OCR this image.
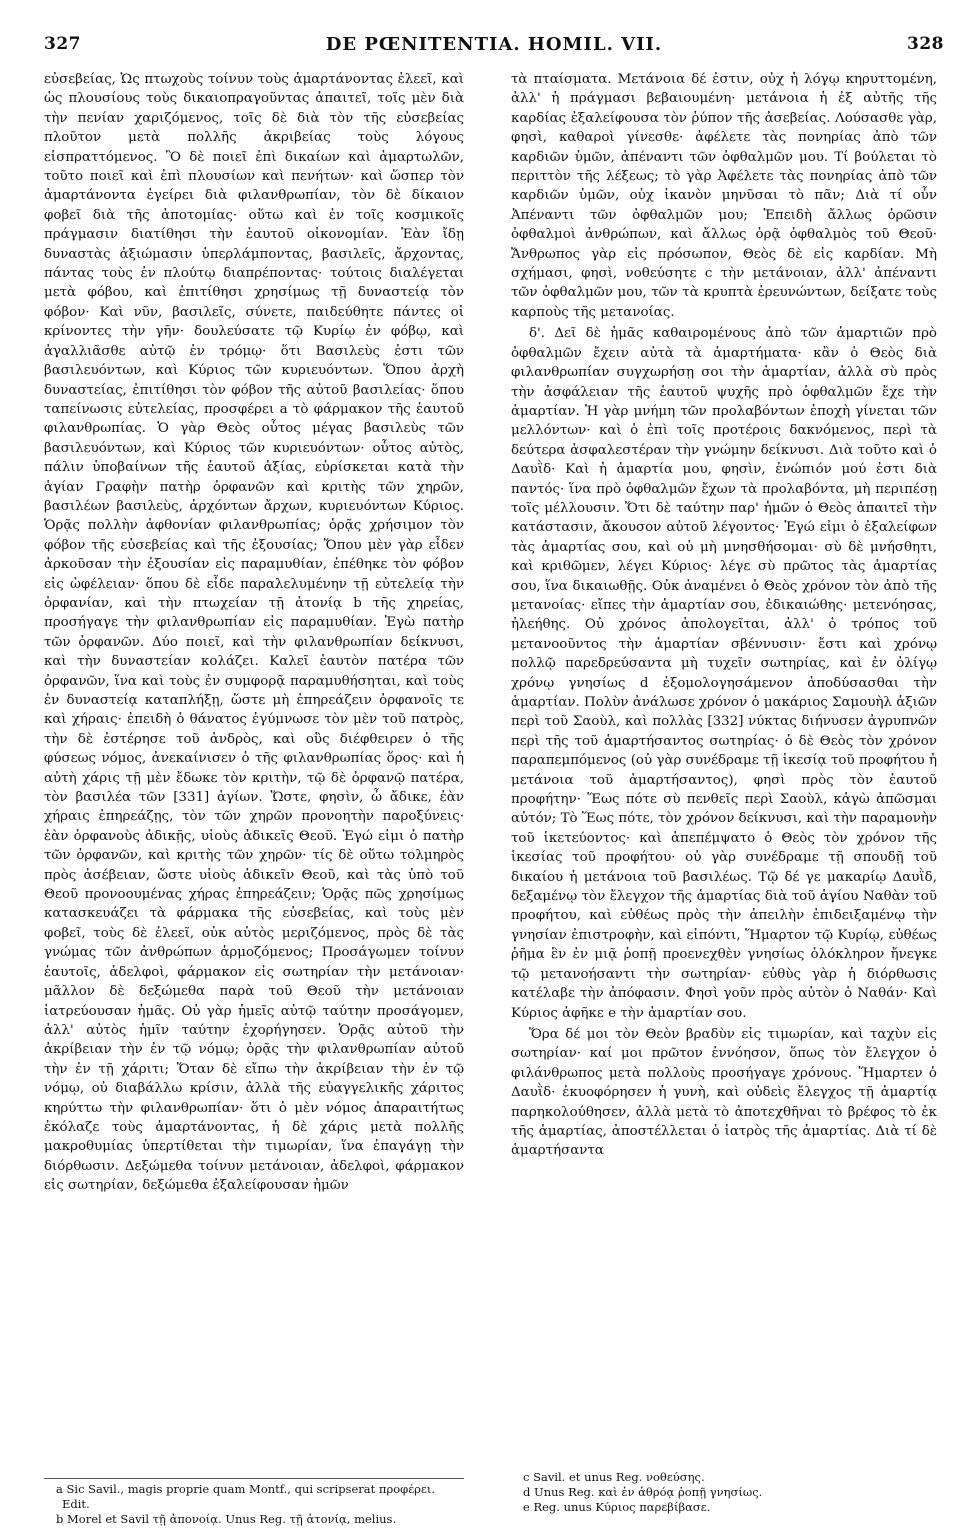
327	DE PŒNITENTIA. HOMIL. VII.	328

εὐσεβείας, Ὡς πτωχοὺς τοίνυν τοὺς ἁμαρτάνοντας ἐλεεῖ, καὶ ὡς πλουσίους τοὺς δικαιοπραγοῦντας ἀπαιτεῖ, τοῖς μὲν διὰ τὴν πενίαν χαριζόμενος, τοῖς δὲ διὰ τὸν τῆς εὐσεβείας πλοῦτον μετὰ πολλῆς ἀκριβείας τοὺς λόγους εἰσπραττόμενος. Ὃ δὲ ποιεῖ ἐπὶ δικαίων καὶ ἁμαρτωλῶν, τοῦτο ποιεῖ καὶ ἐπὶ πλουσίων καὶ πενήτων· καὶ ὥσπερ τὸν ἁμαρτάνοντα ἐγείρει διὰ φιλανθρωπίαν, τὸν δὲ δίκαιον φοβεῖ διὰ τῆς ἀποτομίας· οὕτω καὶ ἐν τοῖς κοσμικοῖς πράγμασιν διατίθησι τὴν ἑαυτοῦ οἰκονομίαν. Ἐὰν ἴδῃ δυναστὰς ἀξιώμασιν ὑπερλάμποντας, βασιλεῖς, ἄρχοντας, πάντας τοὺς ἐν πλούτῳ διαπρέποντας· τούτοις διαλέγεται μετὰ φόβου, καὶ ἐπιτίθησι χρησίμως τῇ δυναστείᾳ τὸν φόβον· Καὶ νῦν, βασιλεῖς, σύνετε, παιδεύθητε πάντες οἱ κρίνοντες τὴν γῆν· δουλεύσατε τῷ Κυρίῳ ἐν φόβῳ, καὶ ἀγαλλιᾶσθε αὐτῷ ἐν τρόμῳ· ὅτι Βασιλεὺς ἐστι τῶν βασιλευόντων, καὶ Κύριος τῶν κυριευόντων. Ὅπου ἀρχὴ δυναστείας, ἐπιτίθησι τὸν φόβον τῆς αὐτοῦ βασιλείας· ὅπου ταπείνωσις εὐτελείας, προσφέρει a τὸ φάρμακον τῆς ἑαυτοῦ φιλανθρωπίας. Ὁ γὰρ Θεὸς οὗτος μέγας βασιλεὺς τῶν βασιλευόντων, καὶ Κύριος τῶν κυριευόντων· οὗτος αὐτὸς, πάλιν ὑποβαίνων τῆς ἑαυτοῦ ἀξίας, εὑρίσκεται κατὰ τὴν ἁγίαν Γραφὴν πατὴρ ὀρφανῶν καὶ κριτὴς τῶν χηρῶν, βασιλέων βασιλεὺς, ἀρχόντων ἄρχων, κυριευόντων Κύριος. Ὁρᾷς πολλὴν ἀφθονίαν φιλανθρωπίας; ὁρᾷς χρήσιμον τὸν φόβον τῆς εὐσεβείας καὶ τῆς ἐξουσίας; Ὅπου μὲν γὰρ εἶδεν ἀρκοῦσαν τὴν ἐξουσίαν εἰς παραμυθίαν, ἐπέθηκε τὸν φόβον εἰς ὠφέλειαν· ὅπου δὲ εἶδε παραλελυμένην τῇ εὐτελείᾳ τὴν ὀρφανίαν, καὶ τὴν πτωχείαν τῇ ἀτονίᾳ b τῆς χηρείας, προσήγαγε τὴν φιλανθρωπίαν εἰς παραμυθίαν. Ἐγὼ πατὴρ τῶν ὀρφανῶν. Δύο ποιεῖ, καὶ τὴν φιλανθρωπίαν δείκνυσι, καὶ τὴν δυναστείαν κολάζει. Καλεῖ ἑαυτὸν πατέρα τῶν ὀρφανῶν, ἵνα καὶ τοὺς ἐν συμφορᾷ παραμυθήσηται, καὶ τοὺς ἐν δυναστείᾳ καταπλήξῃ, ὥστε μὴ ἐπηρεάζειν ὀρφανοῖς τε καὶ χήραις· ἐπειδὴ ὁ θάνατος ἐγύμνωσε τὸν μὲν τοῦ πατρὸς, τὴν δὲ ἐστέρησε τοῦ ἀνδρὸς, καὶ οὓς διέφθειρεν ὁ τῆς φύσεως νόμος, ἀνεκαίνισεν ὁ τῆς φιλανθρωπίας ὅρος· καὶ ἡ αὐτὴ χάρις τῇ μὲν ἔδωκε τὸν κριτὴν, τῷ δὲ ὀρφανῷ πατέρα, τὸν βασιλέα τῶν [331] ἁγίων. Ὥστε, φησὶν, ὦ ἄδικε, ἐὰν χήραις ἐπηρεάζῃς, τὸν τῶν χηρῶν προνοητὴν παροξύνεις· ἐὰν ὀρφανοὺς ἀδικῇς, υἱοὺς ἀδικεῖς Θεοῦ. Ἐγώ εἰμι ὁ πατὴρ τῶν ὀρφανῶν, καὶ κριτὴς τῶν χηρῶν· τίς δὲ οὕτω τολμηρὸς πρὸς ἀσέβειαν, ὥστε υἱοὺς ἀδικεῖν Θεοῦ, καὶ τὰς ὑπὸ τοῦ Θεοῦ προνοουμένας χήρας ἐπηρεάζειν; Ὁρᾷς πῶς χρησίμως κατασκευάζει τὰ φάρμακα τῆς εὐσεβείας, καὶ τοὺς μὲν φοβεῖ, τοὺς δὲ ἐλεεῖ, οὐκ αὐτὸς μεριζόμενος, πρὸς δὲ τὰς γνώμας τῶν ἀνθρώπων ἁρμοζόμενος; Προσάγωμεν τοίνυν ἑαυτοῖς, ἀδελφοὶ, φάρμακον εἰς σωτηρίαν τὴν μετάνοιαν· μᾶλλον δὲ δεξώμεθα παρὰ τοῦ Θεοῦ τὴν μετάνοιαν ἰατρεύουσαν ἡμᾶς. Οὐ γὰρ ἡμεῖς αὐτῷ ταύτην προσάγομεν, ἀλλ' αὐτὸς ἡμῖν ταύτην ἐχορήγησεν. Ὁρᾷς αὐτοῦ τὴν ἀκρίβειαν τὴν ἐν τῷ νόμῳ; ὁρᾷς τὴν φιλανθρωπίαν αὐτοῦ τὴν ἐν τῇ χάριτι; Ὅταν δὲ εἴπω τὴν ἀκρίβειαν τὴν ἐν τῷ νόμῳ, οὐ διαβάλλω κρίσιν, ἀλλὰ τῆς εὐαγγελικῆς χάριτος κηρύττω τὴν φιλανθρωπίαν· ὅτι ὁ μὲν νόμος ἀπαραιτήτως ἐκόλαζε τοὺς ἁμαρτάνοντας, ἡ δὲ χάρις μετὰ πολλῆς μακροθυμίας ὑπερτίθεται τὴν τιμωρίαν, ἵνα ἐπαγάγῃ τὴν διόρθωσιν. Δεξώμεθα τοίνυν μετάνοιαν, ἀδελφοὶ, φάρμακον εἰς σωτηρίαν, δεξώμεθα ἐξαλείφουσαν ἡμῶν

τὰ πταίσματα. Μετάνοια δέ ἐστιν, οὐχ ἡ λόγῳ κηρυττομένη, ἀλλ' ἡ πράγμασι βεβαιουμένη· μετάνοια ἡ ἐξ αὐτῆς τῆς καρδίας ἐξαλείφουσα τὸν ῥύπον τῆς ἀσεβείας. Λούσασθε γὰρ, φησὶ, καθαροὶ γίνεσθε· ἀφέλετε τὰς πονηρίας ἀπὸ τῶν καρδιῶν ὑμῶν, ἀπέναντι τῶν ὀφθαλμῶν μου. Τί βούλεται τὸ περιττὸν τῆς λέξεως; τὸ γὰρ Ἀφέλετε τὰς πονηρίας ἀπὸ τῶν καρδιῶν ὑμῶν, οὐχ ἱκανὸν μηνῦσαι τὸ πᾶν; Διὰ τί οὖν Ἀπέναντι τῶν ὀφθαλμῶν μου; Ἐπειδὴ ἄλλως ὁρῶσιν ὀφθαλμοὶ ἀνθρώπων, καὶ ἄλλως ὁρᾷ ὀφθαλμὸς τοῦ Θεοῦ· Ἄνθρωπος γὰρ εἰς πρόσωπον, Θεὸς δὲ εἰς καρδίαν. Μὴ σχήμασι, φησὶ, νοθεύσητε c τὴν μετάνοιαν, ἀλλ' ἀπέναντι τῶν ὀφθαλμῶν μου, τῶν τὰ κρυπτὰ ἐρευνώντων, δείξατε τοὺς καρποὺς τῆς μετανοίας.

δ'. Δεῖ δὲ ἡμᾶς καθαιρομένους ἀπὸ τῶν ἁμαρτιῶν πρὸ ὀφθαλμῶν ἔχειν αὐτὰ τὰ ἁμαρτήματα· κἂν ὁ Θεὸς διὰ φιλανθρωπίαν συγχωρήσῃ σοι τὴν ἁμαρτίαν, ἀλλὰ σὺ πρὸς τὴν ἀσφάλειαν τῆς ἑαυτοῦ ψυχῆς πρὸ ὀφθαλμῶν ἔχε τὴν ἁμαρτίαν. Ἡ γὰρ μνήμη τῶν προλαβόντων ἐποχὴ γίνεται τῶν μελλόντων· καὶ ὁ ἐπὶ τοῖς προτέροις δακνόμενος, περὶ τὰ δεύτερα ἀσφαλεστέραν τὴν γνώμην δείκνυσι. Διὰ τοῦτο καὶ ὁ Δαυῒδ· Καὶ ἡ ἁμαρτία μου, φησὶν, ἐνώπιόν μού ἐστι διὰ παντός· ἵνα πρὸ ὀφθαλμῶν ἔχων τὰ προλαβόντα, μὴ περιπέσῃ τοῖς μέλλουσιν. Ὅτι δὲ ταύτην παρ' ἡμῶν ὁ Θεὸς ἀπαιτεῖ τὴν κατάστασιν, ἄκουσον αὐτοῦ λέγοντος· Ἐγώ εἰμι ὁ ἐξαλείφων τὰς ἁμαρτίας σου, καὶ οὐ μὴ μνησθήσομαι· σὺ δὲ μνήσθητι, καὶ κριθῶμεν, λέγει Κύριος· λέγε σὺ πρῶτος τὰς ἁμαρτίας σου, ἵνα δικαιωθῇς. Οὐκ ἀναμένει ὁ Θεὸς χρόνον τὸν ἀπὸ τῆς μετανοίας· εἴπες τὴν ἁμαρτίαν σου, ἐδικαιώθης· μετενόησας, ἠλεήθης. Οὐ χρόνος ἀπολογεῖται, ἀλλ' ὁ τρόπος τοῦ μετανοοῦντος τὴν ἁμαρτίαν σβέννυσιν· ἔστι καὶ χρόνῳ πολλῷ παρεδρεύσαντα μὴ τυχεῖν σωτηρίας, καὶ ἐν ὀλίγῳ χρόνῳ γνησίως d ἐξομολογησάμενον ἀποδύσασθαι τὴν ἁμαρτίαν. Πολὺν ἀνάλωσε χρόνον ὁ μακάριος Σαμουὴλ ἀξιῶν περὶ τοῦ Σαοὺλ, καὶ πολλὰς [332] νύκτας διήνυσεν ἀγρυπνῶν περὶ τῆς τοῦ ἁμαρτήσαντος σωτηρίας· ὁ δὲ Θεὸς τὸν χρόνον παραπεμπόμενος (οὐ γὰρ συνέδραμε τῇ ἱκεσίᾳ τοῦ προφήτου ἡ μετάνοια τοῦ ἁμαρτήσαντος), φησὶ πρὸς τὸν ἑαυτοῦ προφήτην· Ἕως πότε σὺ πενθεῖς περὶ Σαοὺλ, κἀγὼ ἀπῶσμαι αὐτόν; Τὸ Ἕως πότε, τὸν χρόνον δείκνυσι, καὶ τὴν παραμονὴν τοῦ ἱκετεύοντος· καὶ ἀπεπέμψατο ὁ Θεὸς τὸν χρόνον τῆς ἱκεσίας τοῦ προφήτου· οὐ γὰρ συνέδραμε τῇ σπουδῇ τοῦ δικαίου ἡ μετάνοια τοῦ βασιλέως. Τῷ δέ γε μακαρίῳ Δαυῒδ, δεξαμένῳ τὸν ἔλεγχον τῆς ἁμαρτίας διὰ τοῦ ἁγίου Ναθὰν τοῦ προφήτου, καὶ εὐθέως πρὸς τὴν ἀπειλὴν ἐπιδειξαμένῳ τὴν γνησίαν ἐπιστροφὴν, καὶ εἰπόντι, Ἥμαρτον τῷ Κυρίῳ, εὐθέως ῥῆμα ἓν ἐν μιᾷ ῥοπῇ προενεχθὲν γνησίως ὁλόκληρον ἤνεγκε τῷ μετανοήσαντι τὴν σωτηρίαν· εὐθὺς γὰρ ἡ διόρθωσις κατέλαβε τὴν ἀπόφασιν. Φησὶ γοῦν πρὸς αὐτὸν ὁ Ναθάν· Καὶ Κύριος ἀφῆκε e τὴν ἁμαρτίαν σου.

Ὅρα δέ μοι τὸν Θεὸν βραδὺν εἰς τιμωρίαν, καὶ ταχὺν εἰς σωτηρίαν· καί μοι πρῶτον ἐννόησον, ὅπως τὸν ἔλεγχον ὁ φιλάνθρωπος μετὰ πολλοὺς προσήγαγε χρόνους. Ἥμαρτεν ὁ Δαυῒδ· ἐκυοφόρησεν ἡ γυνὴ, καὶ οὐδεὶς ἔλεγχος τῇ ἁμαρτίᾳ παρηκολούθησεν, ἀλλὰ μετὰ τὸ ἀποτεχθῆναι τὸ βρέφος τὸ ἐκ τῆς ἁμαρτίας, ἀποστέλλεται ὁ ἰατρὸς τῆς ἁμαρτίας. Διὰ τί δὲ ἁμαρτήσαντα

a Sic Savil., magis proprie quam Montf., qui scripserat προφέρει. Edit.
b Morel et Savil τῇ ἀπονοίᾳ. Unus Reg. τῇ ἀτονίᾳ, melius.
c Savil. et unus Reg. νοθεύσης.
d Unus Reg. καὶ ἐν ἀθρόᾳ ῥοπῇ γνησίως.
e Reg. unus Κύριος παρεβίβασε.
